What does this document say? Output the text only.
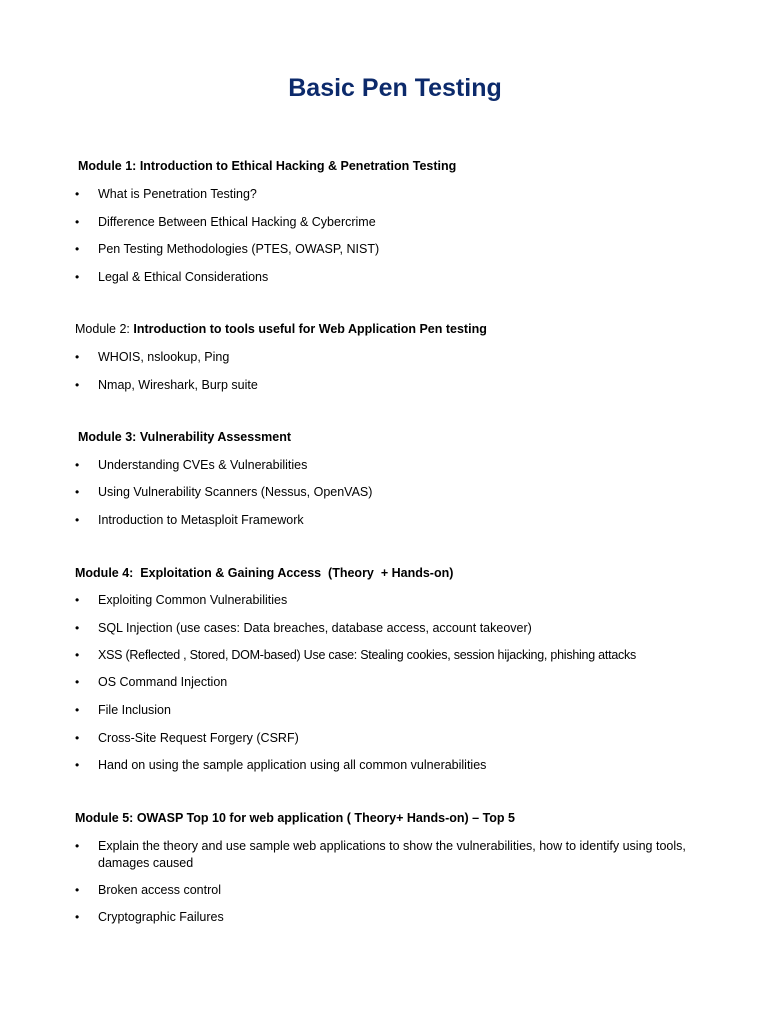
Basic Pen Testing
Module 1: Introduction to Ethical Hacking & Penetration Testing
• What is Penetration Testing?
• Difference Between Ethical Hacking & Cybercrime
• Pen Testing Methodologies (PTES, OWASP, NIST)
• Legal & Ethical Considerations
Module 2: Introduction to tools useful for Web Application Pen testing
• WHOIS, nslookup, Ping
• Nmap, Wireshark, Burp suite
Module 3: Vulnerability Assessment
• Understanding CVEs & Vulnerabilities
• Using Vulnerability Scanners (Nessus, OpenVAS)
• Introduction to Metasploit Framework
Module 4:  Exploitation & Gaining Access  (Theory  + Hands-on)
• Exploiting Common Vulnerabilities
• SQL Injection (use cases: Data breaches, database access, account takeover)
• XSS (Reflected , Stored, DOM-based) Use case: Stealing cookies, session hijacking, phishing attacks
• OS Command Injection
• File Inclusion
• Cross-Site Request Forgery (CSRF)
• Hand on using the sample application using all common vulnerabilities
Module 5: OWASP Top 10 for web application ( Theory+ Hands-on) – Top 5
• Explain the theory and use sample web applications to show the vulnerabilities, how to identify using tools, damages caused
• Broken access control
• Cryptographic Failures
